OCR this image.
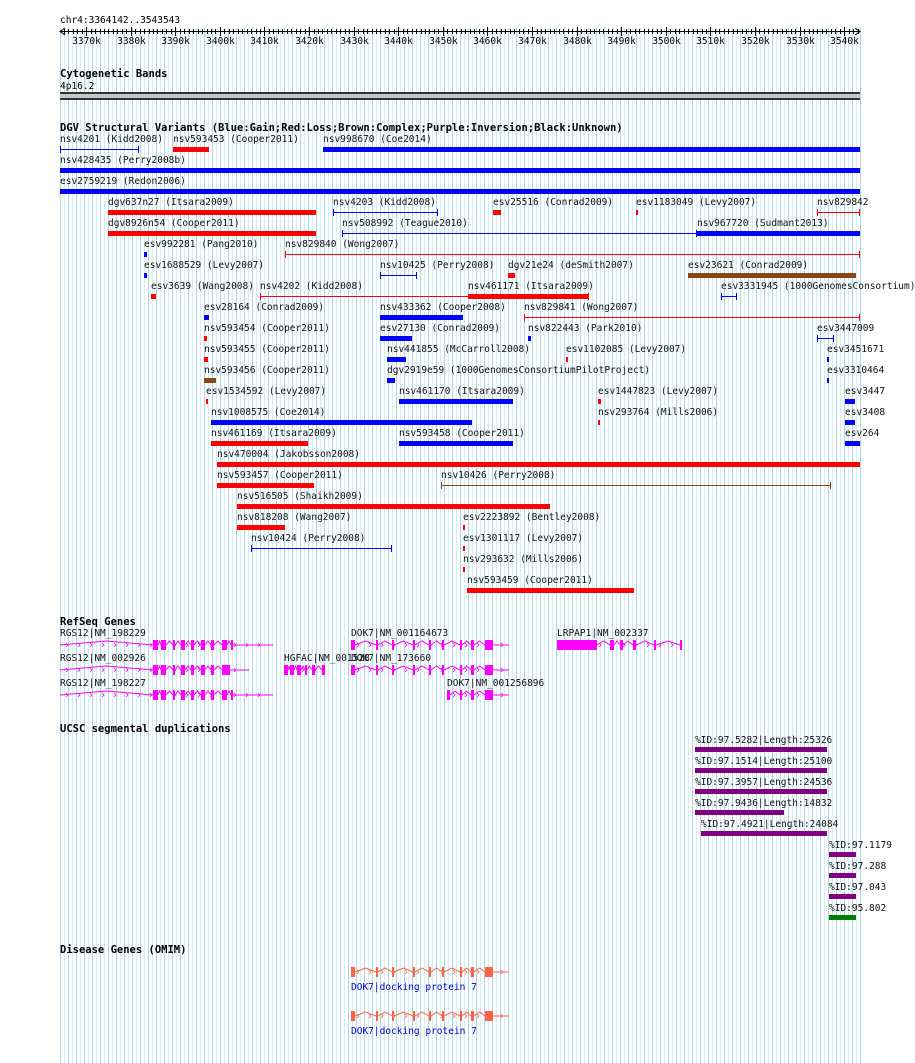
chr4:3364142..3543543
3370k 3380k 3390k 3400k 3410k 3420k 3430k 3440k 3450k 3460k 3470k 3480k 3490k 3500k 3510k 3520k 3530k 3540k
Cytogenetic Bands
4p16.2
DGV Structural Variants (Blue:Gain;Red:Loss;Brown:Complex;Purple:Inversion;Black:Unknown)
nsv4201 (Kidd2008) nsv593453 (Cooper2011)	nsv998670 (Coe2014)
nsv428435 (Perry2008b)
esv2759219 (Redon2006)
dgv637n27 (Itsara2009)	nsv4203 (Kidd2008)	esv25516 (Conrad2009) esv1183049 (Levy2007)	nsv829842
dgv8926n54 (Cooper2011)	nsv508992 (Teague2010)	nsv967720 (Sudmant2013)
esv992281 (Pang2010)	nsv829840 (Wong2007)
esv1688529 (Levy2007)	nsv10425 (Perry2008) dgv21e24 (deSmith2007)	esv23621 (Conrad2009)
esv3639 (Wang2008) nsv4202 (Kidd2008)	nsv461171 (Itsara2009)	esv3331945 (1000GenomesConsortium)
esv28164 (Conrad2009)	nsv433362 (Cooper2008) nsv829841 (Wong2007)
nsv593454 (Cooper2011)	esv27130 (Conrad2009)	nsv822443 (Park2010)	esv3447009
nsv593455 (Cooper2011)	nsv441855 (McCarroll2008)	esv1102085 (Levy2007)	esv3451671
nsv593456 (Cooper2011)	dgv2919e59 (1000GenomesConsortiumPilotProject)	esv3310464
esv1534592 (Levy2007)	nsv461170 (Itsara2009)	esv1447823 (Levy2007)	esv3447
nsv1008575 (Coe2014)	nsv293764 (Mills2006)	esv3408
nsv461169 (Itsara2009)	nsv593458 (Cooper2011)	esv264
nsv470004 (Jakobsson2008)
nsv593457 (Cooper2011)	nsv10426 (Perry2008)
nsv516505 (Shaikh2009)
nsv818208 (Wang2007)	esv2223892 (Bentley2008)
nsv10424 (Perry2008)	esv1301117 (Levy2007)
nsv293632 (Mills2006)
nsv593459 (Cooper2011)
RefSeq Genes
RGS12|NM_198229	DOK7|NM_001164673	LRPAP1|NM_002337
RGS12|NM_002926	HGFAC|NM_001528
DOK7|NM_173660
RGS12|NM_198227	DOK7|NM_001256896
UCSC segmental duplications
%ID:97.5282|Length:25326
%ID:97.1514|Length:25100
%ID:97.3957|Length:24536
%ID:97.9436|Length:14832
%ID:97.4921|Length:24084
%ID:97.1179
%ID:97.288
%ID:97.043
%ID:95.802
Disease Genes (OMIM)
DOK7|docking protein 7
DOK7|docking protein 7
